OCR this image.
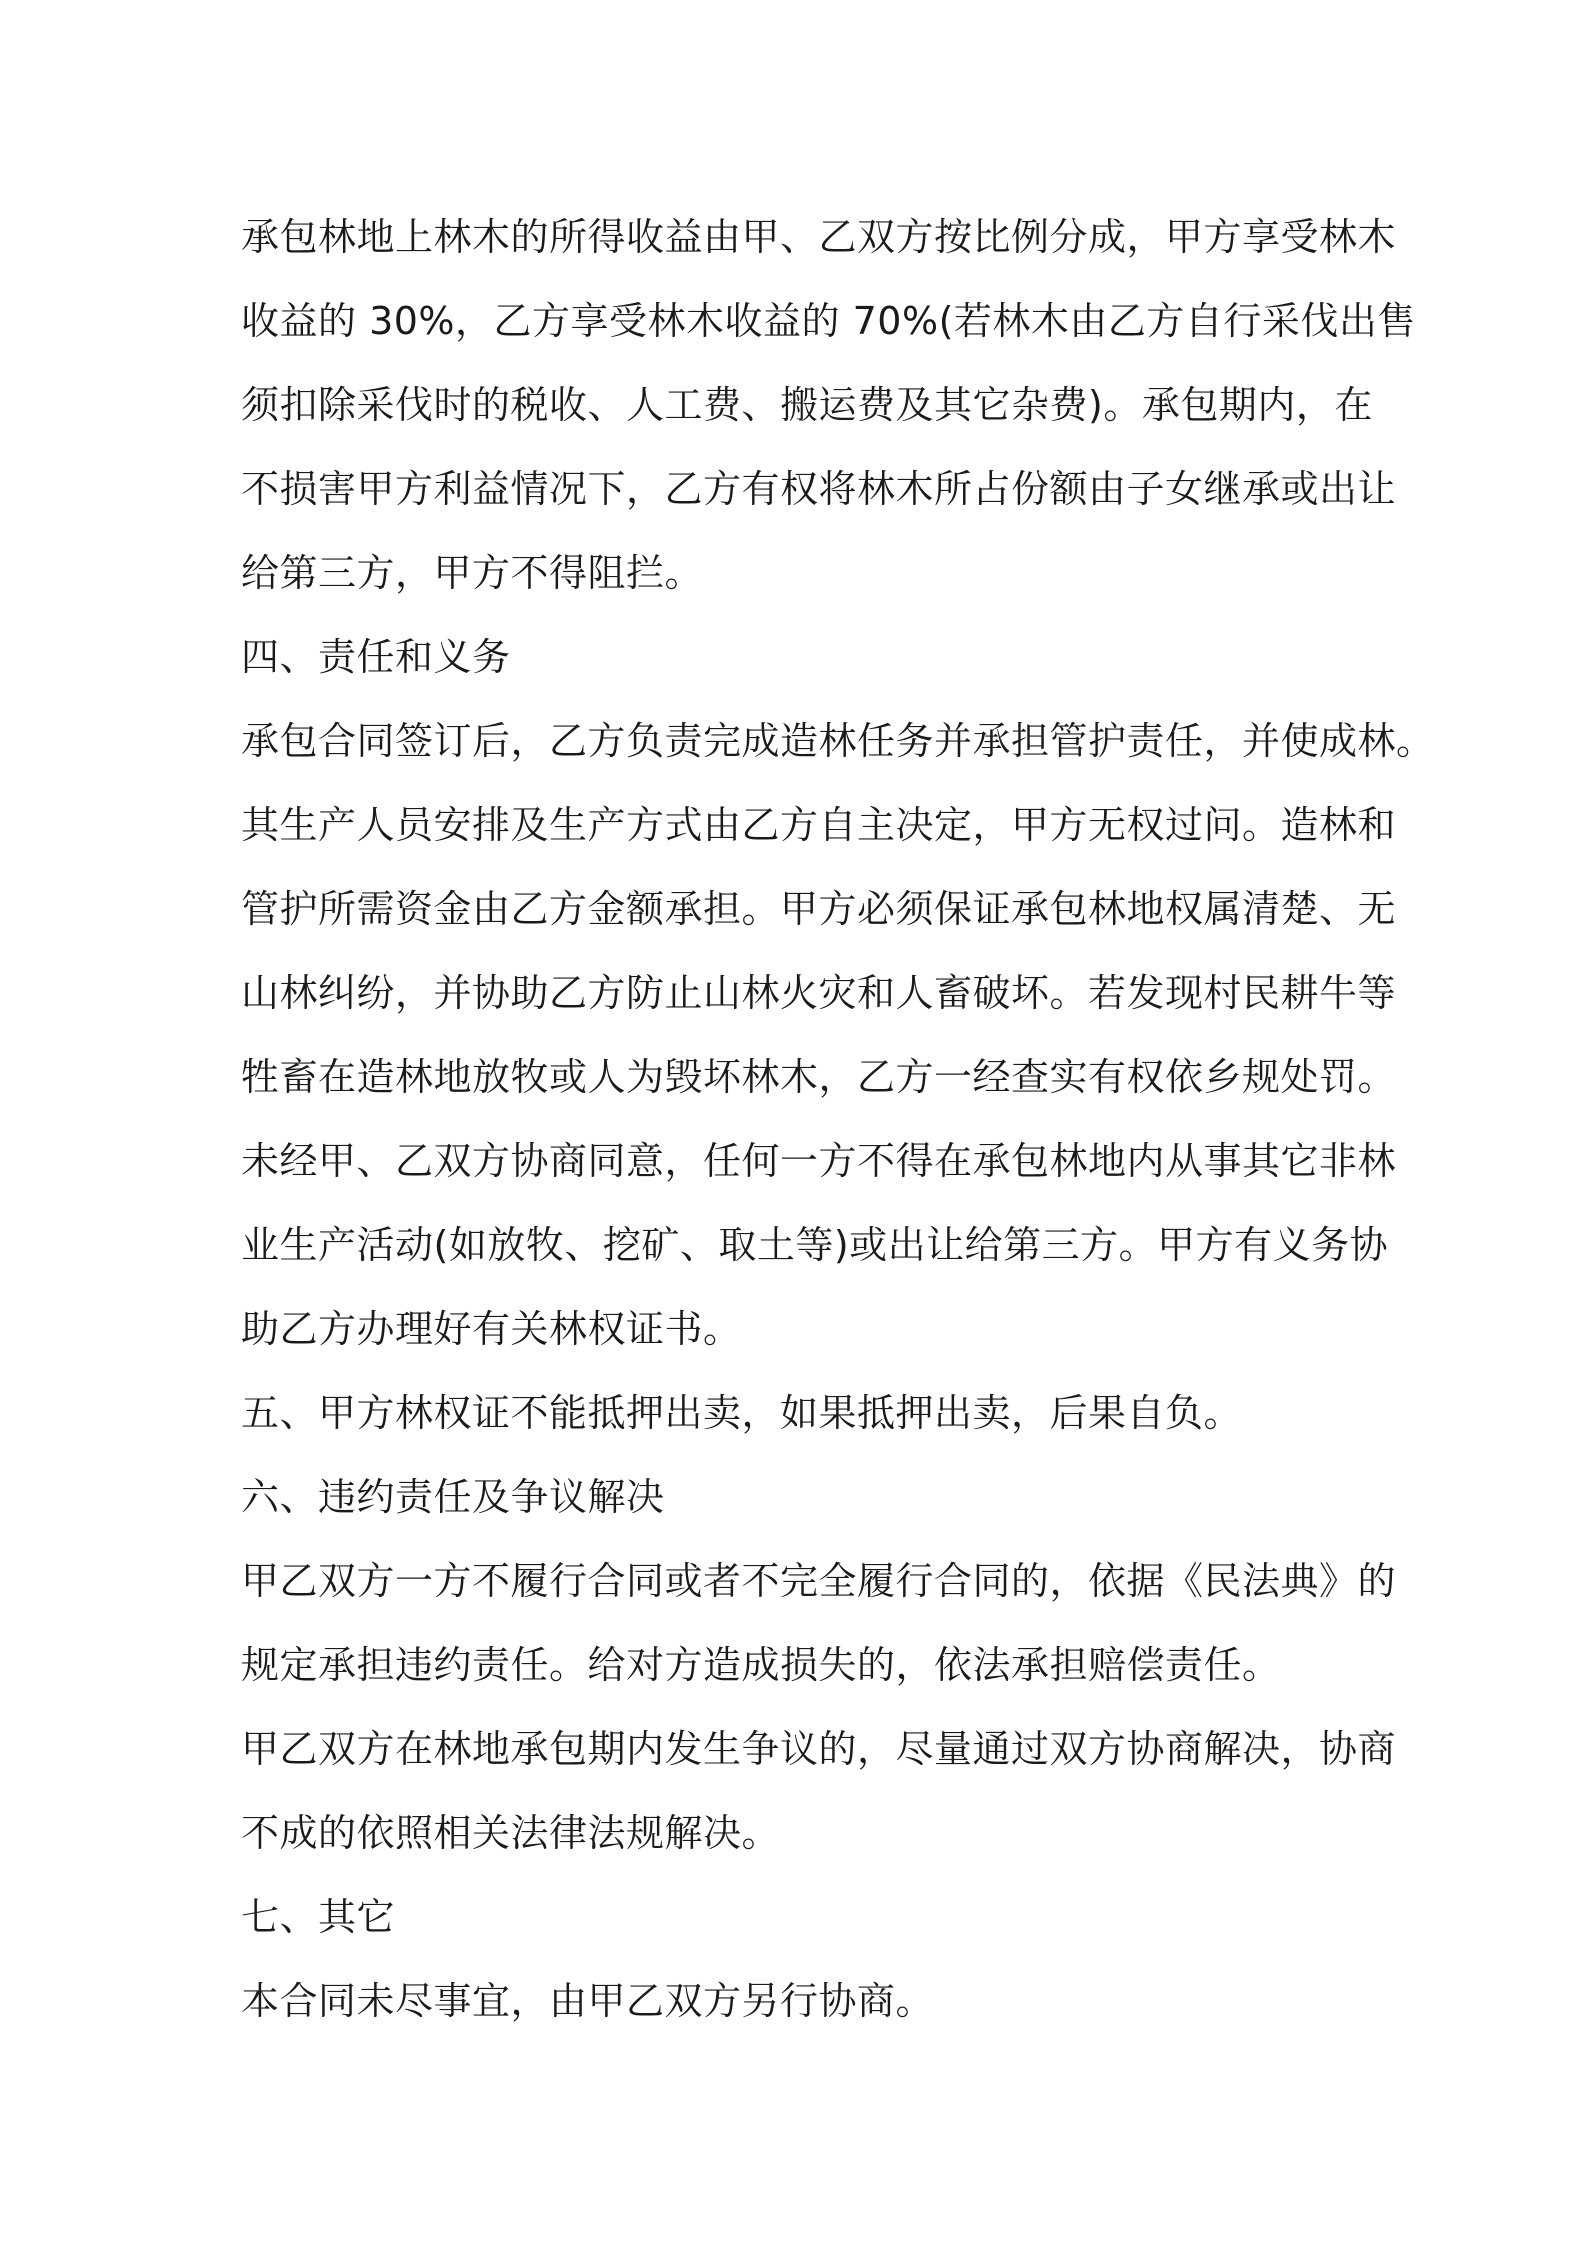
承包林地上林木的所得收益由甲、乙双方按比例分成，甲方享受林木
收益的 30%，乙方享受林木收益的 70%(若林木由乙方自行采伐出售
须扣除采伐时的税收、人工费、搬运费及其它杂费)。承包期内，在
不损害甲方利益情况下，乙方有权将林木所占份额由子女继承或出让
给第三方，甲方不得阻拦。
四、责任和义务
承包合同签订后，乙方负责完成造林任务并承担管护责任，并使成林。
其生产人员安排及生产方式由乙方自主决定，甲方无权过问。造林和
管护所需资金由乙方金额承担。甲方必须保证承包林地权属清楚、无
山林纠纷，并协助乙方防止山林火灾和人畜破坏。若发现村民耕牛等
牲畜在造林地放牧或人为毁坏林木，乙方一经查实有权依乡规处罚。
未经甲、乙双方协商同意，任何一方不得在承包林地内从事其它非林
业生产活动(如放牧、挖矿、取土等)或出让给第三方。甲方有义务协
助乙方办理好有关林权证书。
五、甲方林权证不能抵押出卖，如果抵押出卖，后果自负。
六、违约责任及争议解决
甲乙双方一方不履行合同或者不完全履行合同的，依据《民法典》的
规定承担违约责任。给对方造成损失的，依法承担赔偿责任。
甲乙双方在林地承包期内发生争议的，尽量通过双方协商解决，协商
不成的依照相关法律法规解决。
七、其它
本合同未尽事宜，由甲乙双方另行协商。
